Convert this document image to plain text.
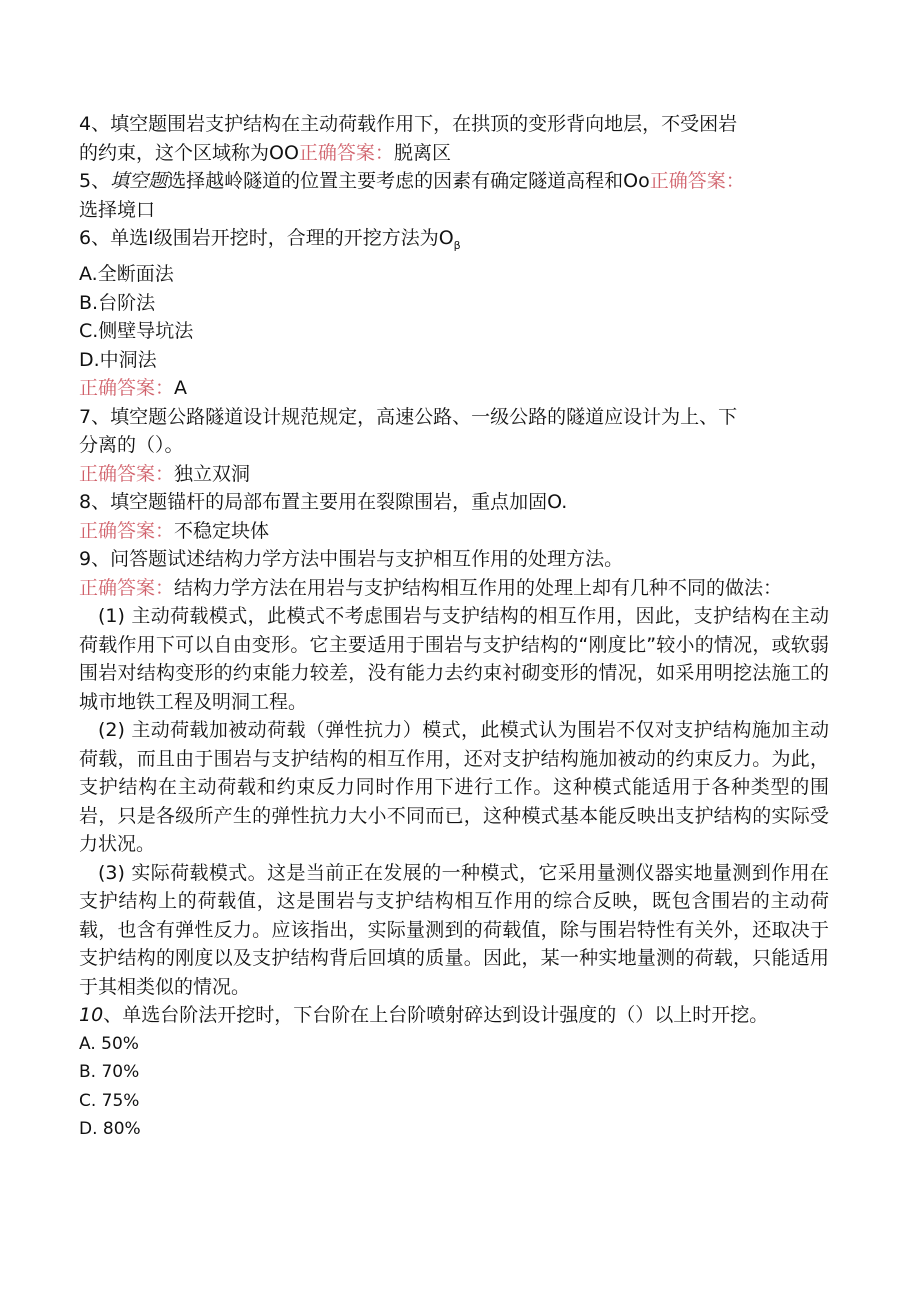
4、填空题围岩支护结构在主动荷载作用下，在拱顶的变形背向地层，不受困岩
的约束，这个区域称为OO正确答案：脱离区
5、填空题选择越岭隧道的位置主要考虑的因素有确定隧道高程和Oo正确答案：
选择境口
6、单选I级围岩开挖时，合理的开挖方法为$O_\beta$
A.全断面法
B.台阶法
C.侧壁导坑法
D.中洞法
正确答案：A
7、填空题公路隧道设计规范规定，高速公路、一级公路的隧道应设计为上、下
分离的（）。
正确答案：独立双洞
8、填空题锚杆的局部布置主要用在裂隙围岩，重点加固O.
正确答案：不稳定块体
9、问答题试述结构力学方法中围岩与支护相互作用的处理方法。
正确答案：结构力学方法在用岩与支护结构相互作用的处理上却有几种不同的做法：
(1) 主动荷载模式，此模式不考虑围岩与支护结构的相互作用，因此，支护结构在主动荷载作用下可以自由变形。它主要适用于围岩与支护结构的“刚度比”较小的情况，或软弱围岩对结构变形的约束能力较差，没有能力去约束衬砌变形的情况，如采用明挖法施工的城市地铁工程及明洞工程。
(2) 主动荷载加被动荷载（弹性抗力）模式，此模式认为围岩不仅对支护结构施加主动荷载，而且由于围岩与支护结构的相互作用，还对支护结构施加被动的约束反力。为此，支护结构在主动荷载和约束反力同时作用下进行工作。这种模式能适用于各种类型的围岩，只是各级所产生的弹性抗力大小不同而已，这种模式基本能反映出支护结构的实际受力状况。
(3) 实际荷载模式。这是当前正在发展的一种模式，它采用量测仪器实地量测到作用在支护结构上的荷载值，这是围岩与支护结构相互作用的综合反映，既包含围岩的主动荷载，也含有弹性反力。应该指出，实际量测到的荷载值，除与围岩特性有关外，还取决于支护结构的刚度以及支护结构背后回填的质量。因此，某一种实地量测的荷载，只能适用于其相类似的情况。
10、单选台阶法开挖时，下台阶在上台阶喷射碎达到设计强度的（）以上时开挖。
A. 50%
B. 70%
C. 75%
D. 80%
